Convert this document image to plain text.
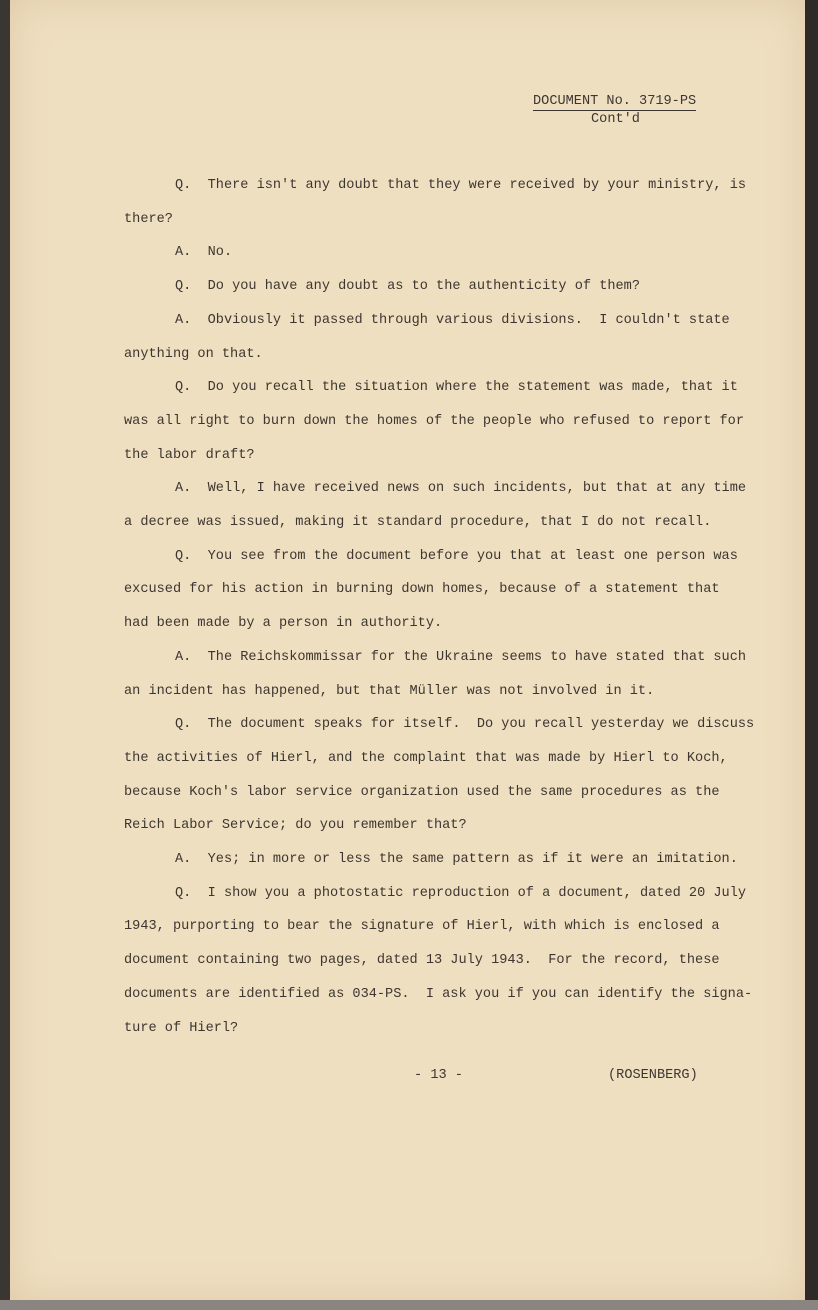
Q.  There isn't any doubt that they were received by your ministry, is
there?
A.  No.
Q.  Do you have any doubt as to the authenticity of them?
A.  Obviously it passed through various divisions.  I couldn't state
anything on that.
Q.  Do you recall the situation where the statement was made, that it
was all right to burn down the homes of the people who refused to report for
the labor draft?
A.  Well, I have received news on such incidents, but that at any time
a decree was issued, making it standard procedure, that I do not recall.
Q.  You see from the document before you that at least one person was
excused for his action in burning down homes, because of a statement that
had been made by a person in authority.
A.  The Reichskommissar for the Ukraine seems to have stated that such
an incident has happened, but that Müller was not involved in it.
Q.  The document speaks for itself.  Do you recall yesterday we discuss
the activities of Hierl, and the complaint that was made by Hierl to Koch,
because Koch's labor service organization used the same procedures as the
Reich Labor Service; do you remember that?
A.  Yes; in more or less the same pattern as if it were an imitation.
Q.  I show you a photostatic reproduction of a document, dated 20 July
1943, purporting to bear the signature of Hierl, with which is enclosed a
document containing two pages, dated 13 July 1943.  For the record, these
documents are identified as 034-PS.  I ask you if you can identify the signa-
ture of Hierl?
DOCUMENT No. 3719-PS
Cont'd
- 13 -	(ROSENBERG)
